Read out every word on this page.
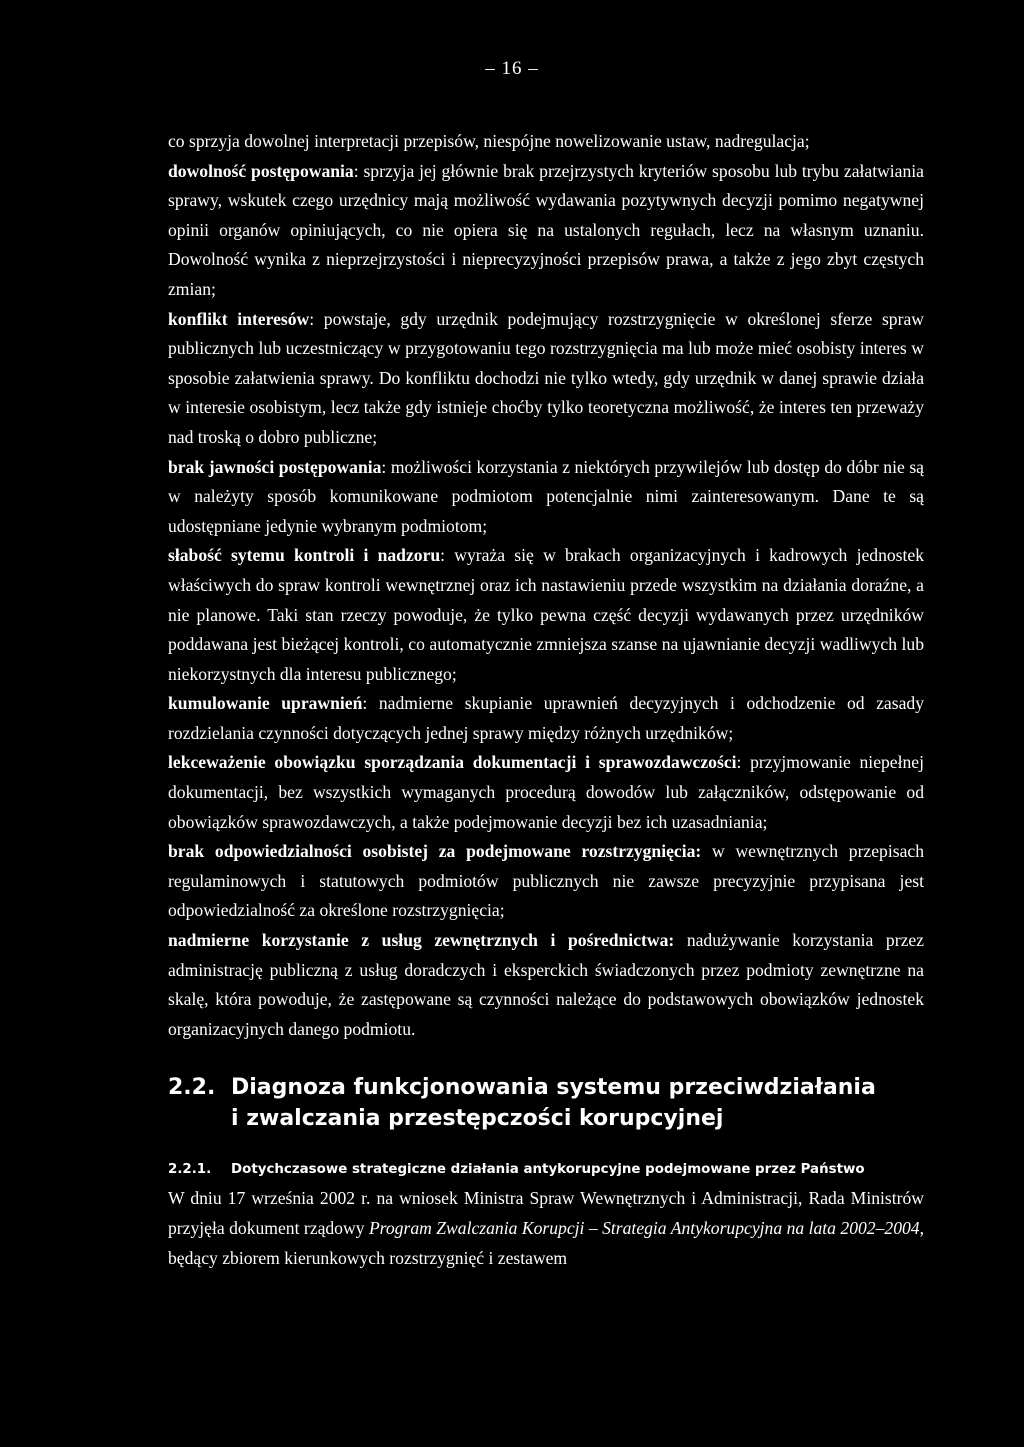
– 16 –

co sprzyja dowolnej interpretacji przepisów, niespójne nowelizowanie ustaw, nadregulacja;

dowolność postępowania: sprzyja jej głównie brak przejrzystych kryteriów sposobu lub trybu załatwiania sprawy, wskutek czego urzędnicy mają możliwość wydawania pozytywnych decyzji pomimo negatywnej opinii organów opiniujących, co nie opiera się na ustalonych regułach, lecz na własnym uznaniu. Dowolność wynika z nieprzejrzystości i nieprecyzyjności przepisów prawa, a także z jego zbyt częstych zmian;

konflikt interesów: powstaje, gdy urzędnik podejmujący rozstrzygnięcie w określonej sferze spraw publicznych lub uczestniczący w przygotowaniu tego rozstrzygnięcia ma lub może mieć osobisty interes w sposobie załatwienia sprawy. Do konfliktu dochodzi nie tylko wtedy, gdy urzędnik w danej sprawie działa w interesie osobistym, lecz także gdy istnieje choćby tylko teoretyczna możliwość, że interes ten przeważy nad troską o dobro publiczne;

brak jawności postępowania: możliwości korzystania z niektórych przywilejów lub dostęp do dóbr nie są w należyty sposób komunikowane podmiotom potencjalnie nimi zainteresowanym. Dane te są udostępniane jedynie wybranym podmiotom;

słabość sytemu kontroli i nadzoru: wyraża się w brakach organizacyjnych i kadrowych jednostek właściwych do spraw kontroli wewnętrznej oraz ich nastawieniu przede wszystkim na działania doraźne, a nie planowe. Taki stan rzeczy powoduje, że tylko pewna część decyzji wydawanych przez urzędników poddawana jest bieżącej kontroli, co automatycznie zmniejsza szanse na ujawnianie decyzji wadliwych lub niekorzystnych dla interesu publicznego;

kumulowanie uprawnień: nadmierne skupianie uprawnień decyzyjnych i odchodzenie od zasady rozdzielania czynności dotyczących jednej sprawy między różnych urzędników;

lekceważenie obowiązku sporządzania dokumentacji i sprawozdawczości: przyjmowanie niepełnej dokumentacji, bez wszystkich wymaganych procedurą dowodów lub załączników, odstępowanie od obowiązków sprawozdawczych, a także podejmowanie decyzji bez ich uzasadniania;

brak odpowiedzialności osobistej za podejmowane rozstrzygnięcia: w wewnętrznych przepisach regulaminowych i statutowych podmiotów publicznych nie zawsze precyzyjnie przypisana jest odpowiedzialność za określone rozstrzygnięcia;

nadmierne korzystanie z usług zewnętrznych i pośrednictwa: nadużywanie korzystania przez administrację publiczną z usług doradczych i eksperckich świadczonych przez podmioty zewnętrzne na skalę, która powoduje, że zastępowane są czynności należące do podstawowych obowiązków jednostek organizacyjnych danego podmiotu.

2.2. Diagnoza funkcjonowania systemu przeciwdziałania
i zwalczania przestępczości korupcyjnej
2.2.1.	Dotychczasowe strategiczne działania antykorupcyjne podejmowane przez Państwo

W dniu 17 września 2002 r. na wniosek Ministra Spraw Wewnętrznych i Administracji, Rada Ministrów przyjęła dokument rządowy Program Zwalczania Korupcji – Strategia Antykorupcyjna na lata 2002–2004, będący zbiorem kierunkowych rozstrzygnięć i zestawem
